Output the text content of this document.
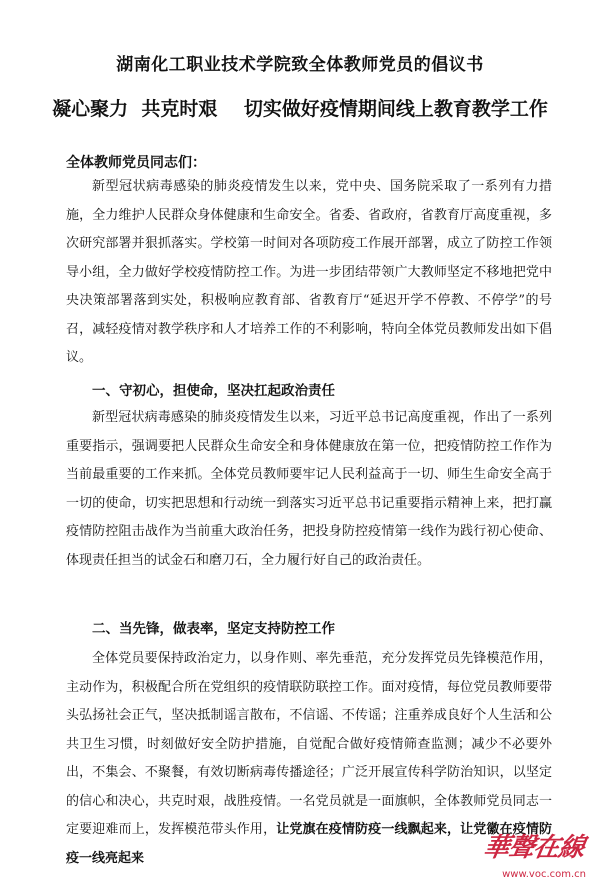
湖南化工职业技术学院致全体教师党员的倡议书
凝心聚力  共克时艰    切实做好疫情期间线上教育教学工作
全体教师党员同志们：

新型冠状病毒感染的肺炎疫情发生以来，党中央、国务院采取了一系列有力措施，全力维护人民群众身体健康和生命安全。省委、省政府，省教育厅高度重视，多次研究部署并狠抓落实。学校第一时间对各项防疫工作展开部署，成立了防控工作领导小组，全力做好学校疫情防控工作。为进一步团结带领广大教师坚定不移地把党中央决策部署落到实处，积极响应教育部、省教育厅“延迟开学不停教、不停学”的号召，减轻疫情对教学秩序和人才培养工作的不利影响，特向全体党员教师发出如下倡议。

一、守初心，担使命，坚决扛起政治责任

新型冠状病毒感染的肺炎疫情发生以来，习近平总书记高度重视，作出了一系列重要指示，强调要把人民群众生命安全和身体健康放在第一位，把疫情防控工作作为当前最重要的工作来抓。全体党员教师要牢记人民利益高于一切、师生生命安全高于一切的使命，切实把思想和行动统一到落实习近平总书记重要指示精神上来，把打赢疫情防控阻击战作为当前重大政治任务，把投身防控疫情第一线作为践行初心使命、体现责任担当的试金石和磨刀石，全力履行好自己的政治责任。

二、当先锋，做表率，坚定支持防控工作

全体党员要保持政治定力，以身作则、率先垂范，充分发挥党员先锋模范作用，主动作为，积极配合所在党组织的疫情联防联控工作。面对疫情，每位党员教师要带头弘扬社会正气，坚决抵制谣言散布，不信谣、不传谣；注重养成良好个人生活和公共卫生习惯，时刻做好安全防护措施，自觉配合做好疫情筛查监测；减少不必要外出，不集会、不聚餐，有效切断病毒传播途径；广泛开展宣传科学防治知识，以坚定的信心和决心，共克时艰，战胜疫情。一名党员就是一面旗帜，全体教师党员同志一定要迎难而上，发挥模范带头作用，让党旗在疫情防疫一线飘起来，让党徽在疫情防疫一线亮起来	華聲在線
www.voc.com.cn
